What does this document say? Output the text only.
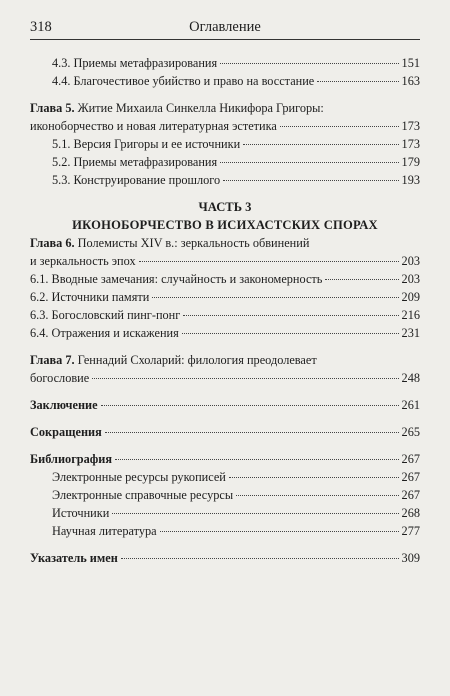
318	Оглавление
4.3. Приемы метафразирования	151
4.4. Благочестивое убийство и право на восстание	163
Глава 5. Житие Михаила Синкелла Никифора Григоры:
иконоборчество и новая литературная эстетика	173
5.1. Версия Григоры и ее источники	173
5.2. Приемы метафразирования	179
5.3. Конструирование прошлого	193
ЧАСТЬ 3
ИКОНОБОРЧЕСТВО В ИСИХАСТСКИХ СПОРАХ
Глава 6. Полемисты XIV в.: зеркальность обвинений
и зеркальность эпох	203
6.1. Вводные замечания: случайность и закономерность	203
6.2. Источники памяти	209
6.3. Богословский пинг-понг	216
6.4. Отражения и искажения	231
Глава 7. Геннадий Схоларий: филология преодолевает
богословие	248
Заключение	261
Сокращения	265
Библиография	267
Электронные ресурсы рукописей	267
Электронные справочные ресурсы	267
Источники	268
Научная литература	277
Указатель имен	309
